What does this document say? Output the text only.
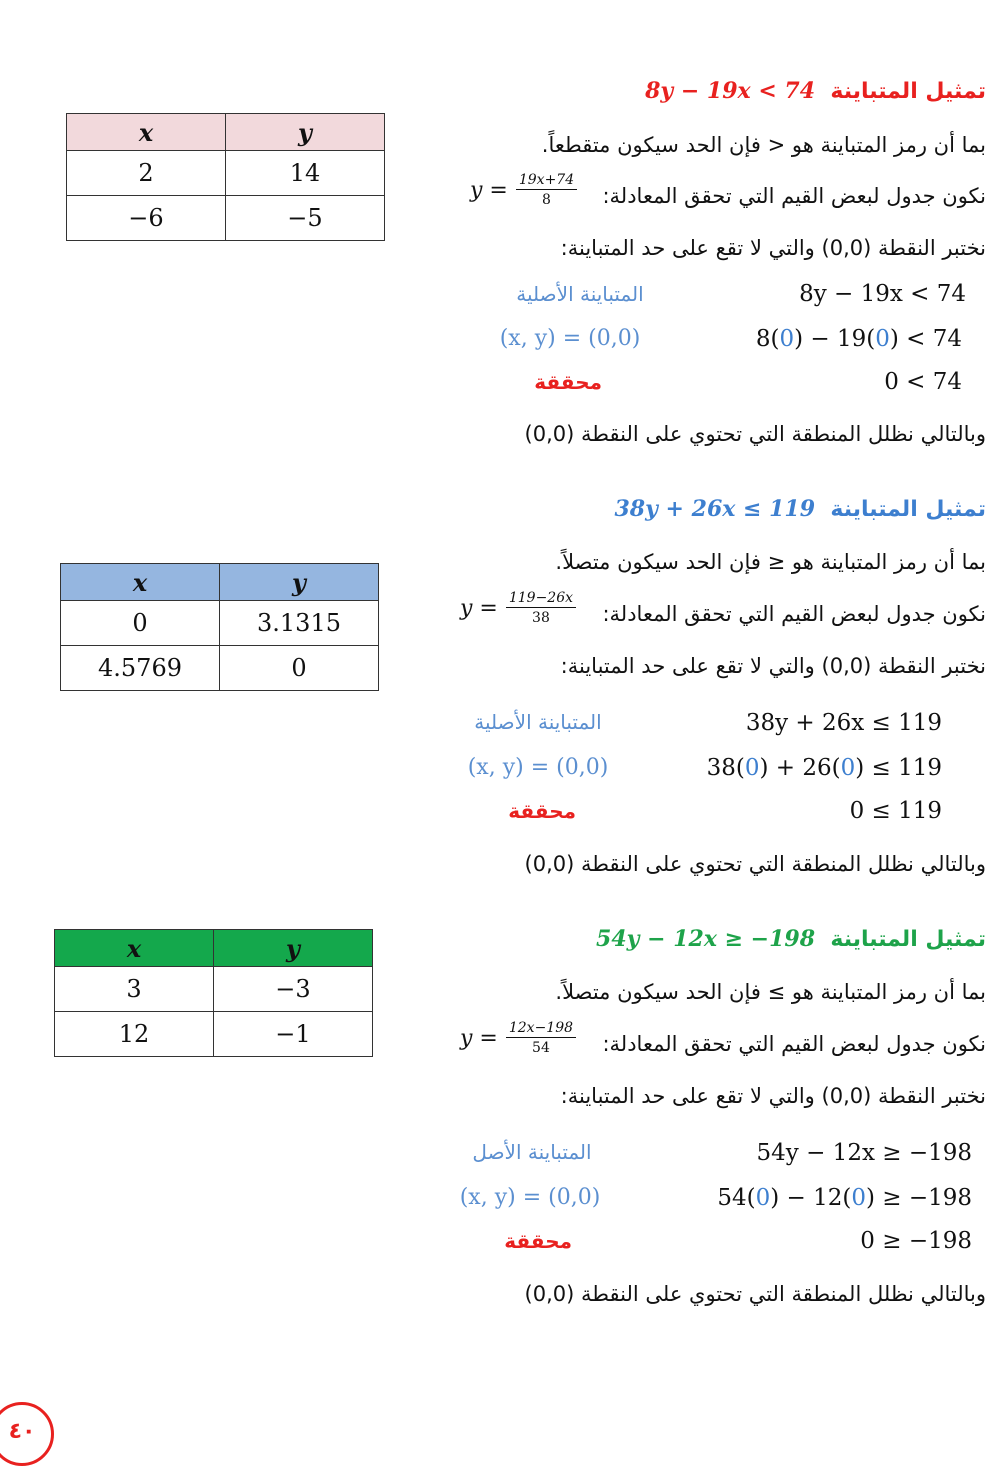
تمثيل المتباينة  8y − 19x < 74
بما أن رمز المتباينة هو < فإن الحد سيكون متقطعاً.
نكون جدول لبعض القيم التي تحقق المعادلة:
$y = \frac{19x+74}{8}$
نختبر النقطة (0,0) والتي لا تقع على حد المتباينة:
8y − 19x < 74
المتباينة الأصلية
8(0) − 19(0) < 74
(x, y) = (0,0)
0 < 74
محققة
وبالتالي نظلل المنطقة التي تحتوي على النقطة (0,0)
x	y
2	14
−6	−5
تمثيل المتباينة  38y + 26x ≤ 119
بما أن رمز المتباينة هو ≤ فإن الحد سيكون متصلاً.
نكون جدول لبعض القيم التي تحقق المعادلة:
$y = \frac{119-26x}{38}$
نختبر النقطة (0,0) والتي لا تقع على حد المتباينة:
38y + 26x ≤ 119
المتباينة الأصلية
38(0) + 26(0) ≤ 119
(x, y) = (0,0)
0 ≤ 119
محققة
وبالتالي نظلل المنطقة التي تحتوي على النقطة (0,0)
x	y
0	3.1315
4.5769	0
تمثيل المتباينة  54y − 12x ≥ −198
بما أن رمز المتباينة هو ≥ فإن الحد سيكون متصلاً.
نكون جدول لبعض القيم التي تحقق المعادلة:
$y = \frac{12x-198}{54}$
نختبر النقطة (0,0) والتي لا تقع على حد المتباينة:
54y − 12x ≥ −198
المتباينة الأصل
54(0) − 12(0) ≥ −198
(x, y) = (0,0)
0 ≥ −198
محققة
وبالتالي نظلل المنطقة التي تحتوي على النقطة (0,0)
x	y
3	−3
12	−1
٤٠
